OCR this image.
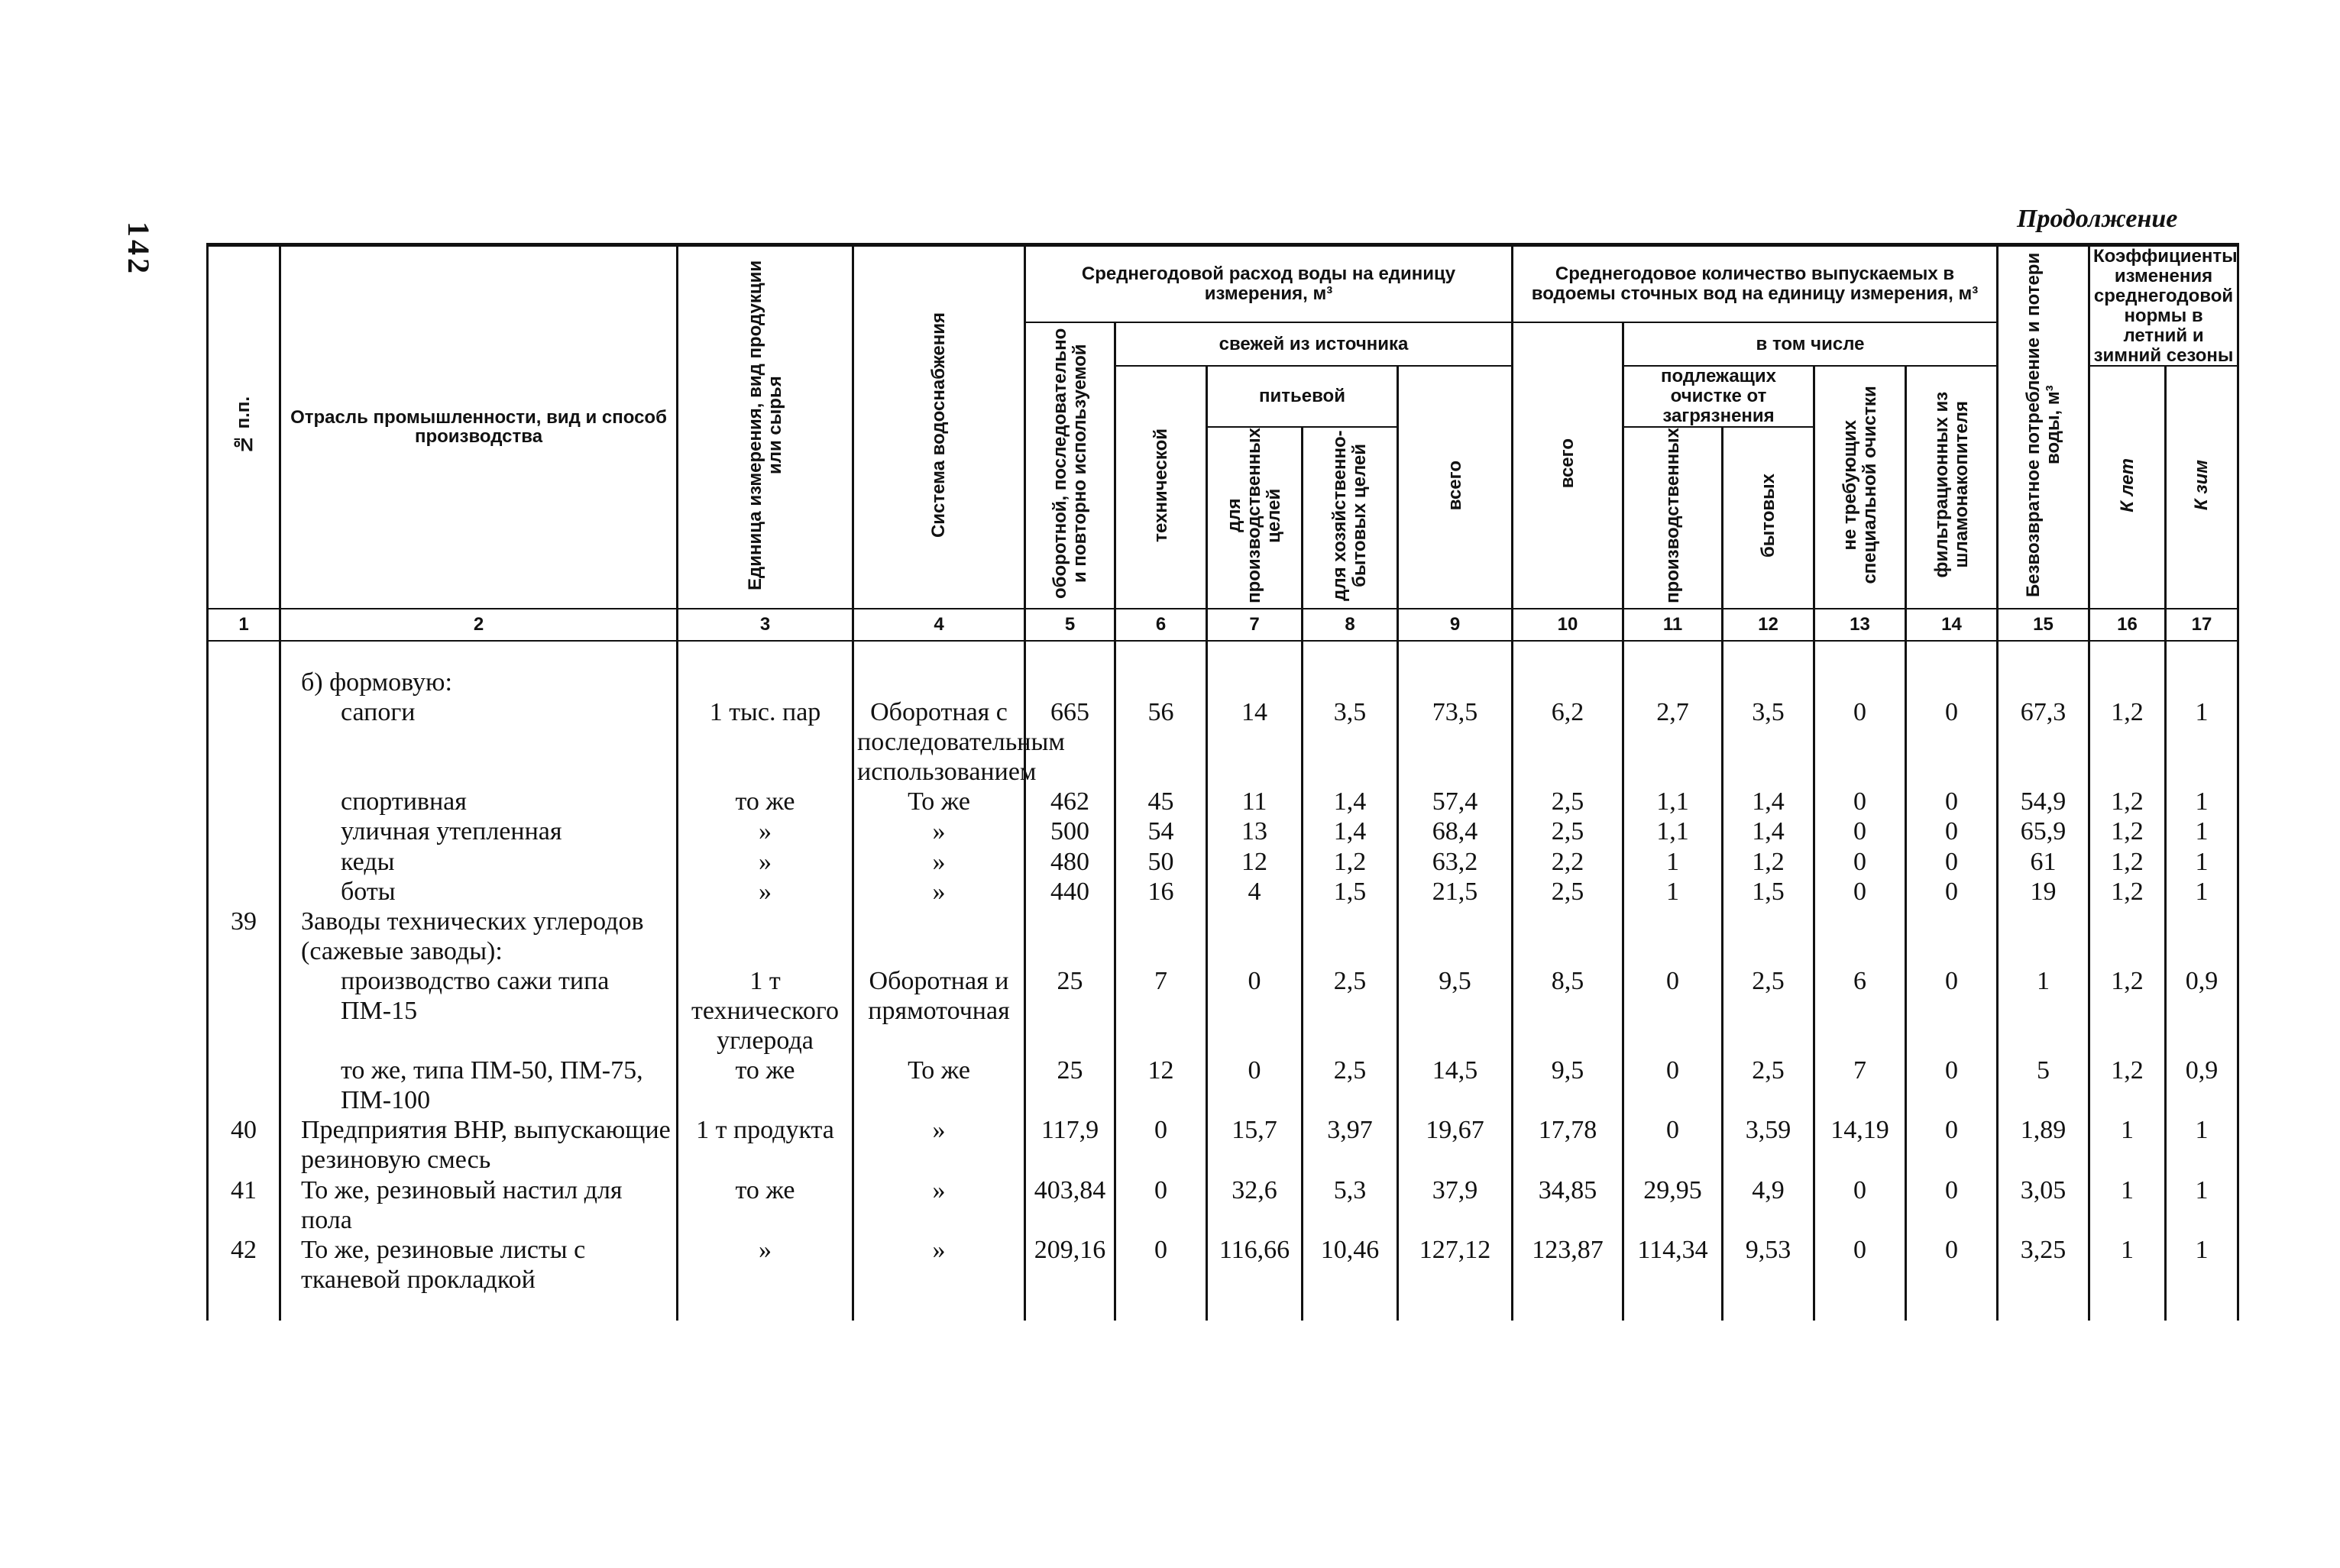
142
Продолжение
№ п.п.	Отрасль промышленности, вид и способ производства	Единица измерения, вид продукции или сырья	Система водоснабжения	Среднегодовой расход воды на единицу измерения, м³					Среднегодовое количество выпускаемых в водоемы сточных вод на единицу измерения, м³					Безвозвратное потребление и потери воды, м³	Коэффициенты изменения среднегодовой нормы в летний и зимний сезоны	
				оборотной, последовательно и повторно используемой	свежей из источника				всего	в том числе						
					технической	питьевой		всего		подлежащих очистке от загрязнения		не требующих специальной очистки	фильтрационных из шламонакопителя		К лет	К зим
						для производственных целей	для хозяйственно-бытовых целей			производственных	бытовых					
1	2	3	4	5	6	7	8	9	10	11	12	13	14	15	16	17

	б) формовую:															
	сапоги	1 тыс. пар	Оборотная с последовательным использованием	665	56	14	3,5	73,5	6,2	2,7	3,5	0	0	67,3	1,2	1
	спортивная	то же	То же	462	45	11	1,4	57,4	2,5	1,1	1,4	0	0	54,9	1,2	1
	уличная утепленная	»	»	500	54	13	1,4	68,4	2,5	1,1	1,4	0	0	65,9	1,2	1
	кеды	»	»	480	50	12	1,2	63,2	2,2	1	1,2	0	0	61	1,2	1
	боты	»	»	440	16	4	1,5	21,5	2,5	1	1,5	0	0	19	1,2	1
39	Заводы технических углеродов (сажевые заводы):															
	производство сажи типа ПМ-15	1 т технического углерода	Оборотная и прямоточная	25	7	0	2,5	9,5	8,5	0	2,5	6	0	1	1,2	0,9
	то же, типа ПМ-50, ПМ-75, ПМ-100	то же	То же	25	12	0	2,5	14,5	9,5	0	2,5	7	0	5	1,2	0,9
40	Предприятия ВНР, выпускающие резиновую смесь	1 т продукта	»	117,9	0	15,7	3,97	19,67	17,78	0	3,59	14,19	0	1,89	1	1
41	То же, резиновый настил для пола	то же	»	403,84	0	32,6	5,3	37,9	34,85	29,95	4,9	0	0	3,05	1	1
42	То же, резиновые листы с тканевой прокладкой	»	»	209,16	0	116,66	10,46	127,12	123,87	114,34	9,53	0	0	3,25	1	1
